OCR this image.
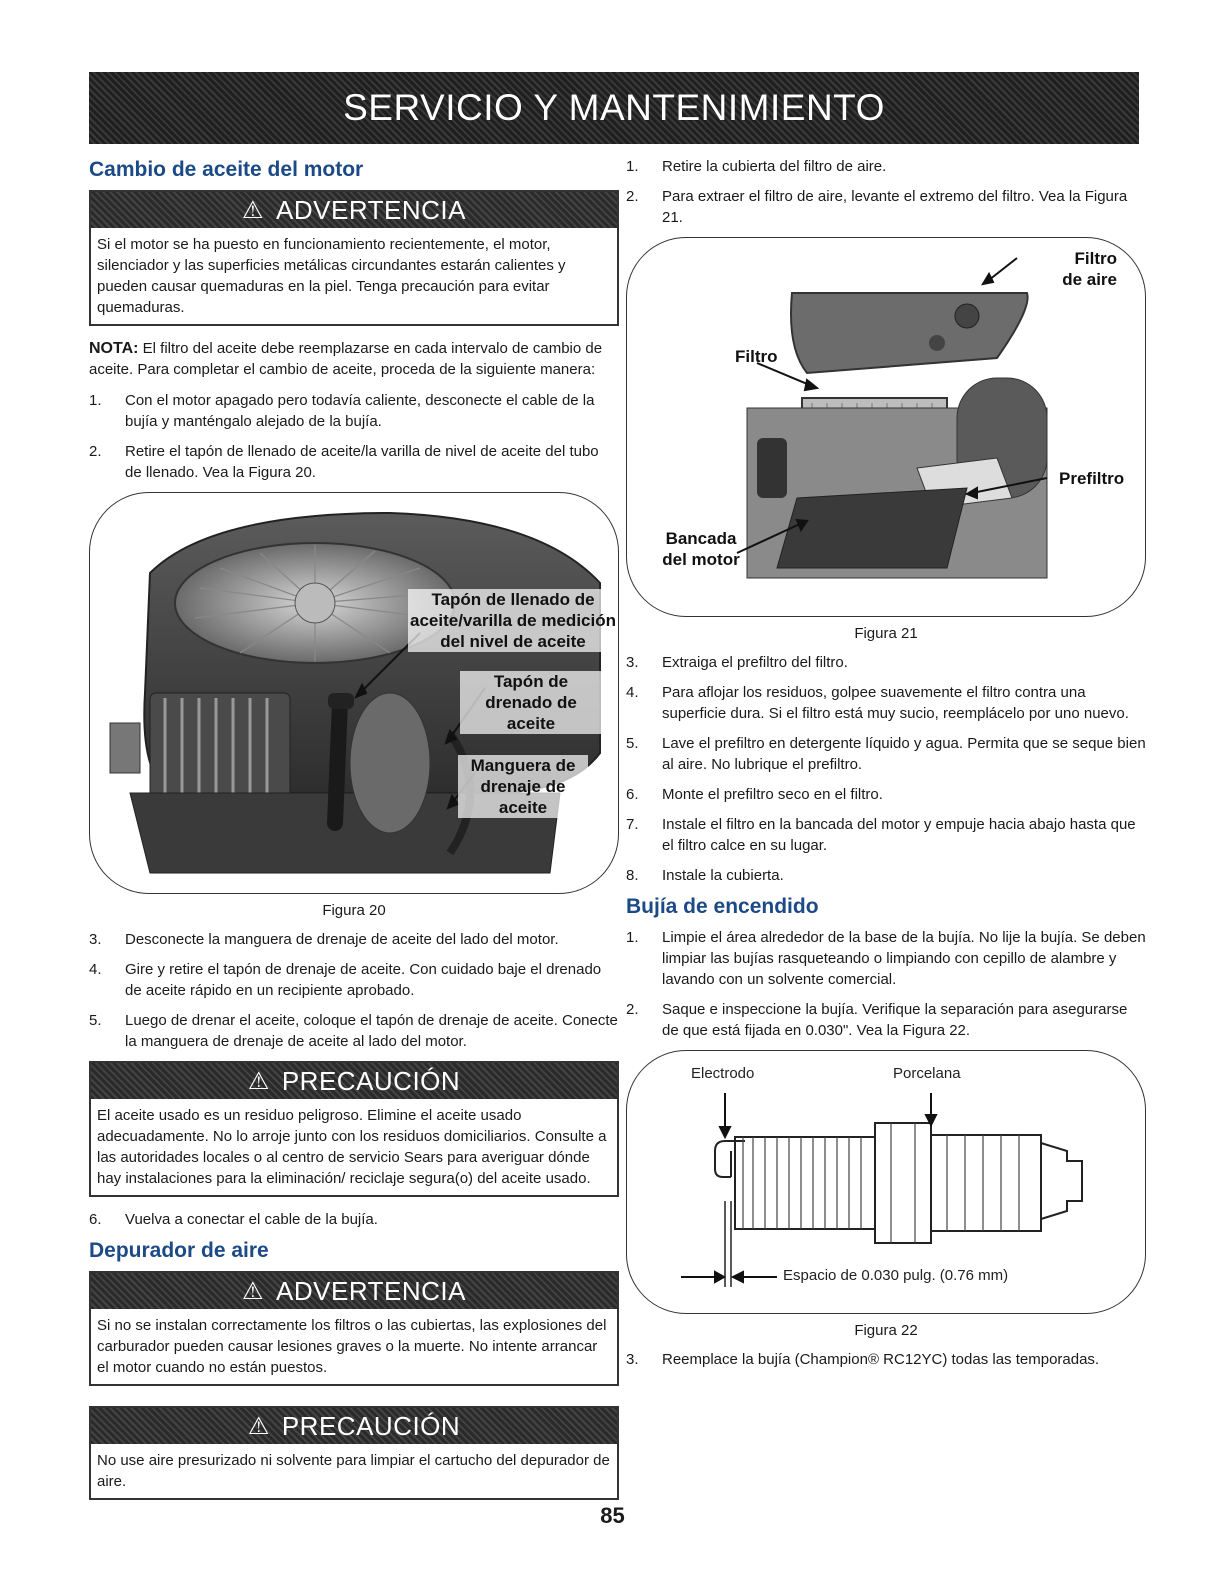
SERVICIO Y MANTENIMIENTO
Cambio de aceite del motor
⚠ ADVERTENCIA
Si el motor se ha puesto en funcionamiento recientemente, el motor, silenciador y las superficies metálicas circundantes estarán calientes y pueden causar quemaduras en la piel. Tenga precaución para evitar quemaduras.
NOTA: El filtro del aceite debe reemplazarse en cada intervalo de cambio de aceite. Para completar el cambio de aceite, proceda de la siguiente manera:
1.	Con el motor apagado pero todavía caliente, desconecte el cable de la bujía y manténgalo alejado de la bujía.
2.	Retire el tapón de llenado de aceite/la varilla de nivel de aceite del tubo de llenado. Vea la Figura 20.
Tapón de llenado de aceite/varilla de medición del nivel de aceite
Tapón de drenado de aceite
Manguera de drenaje de aceite
Figura 20
3.	Desconecte la manguera de drenaje de aceite del lado del motor.
4.	Gire y retire el tapón de drenaje de aceite. Con cuidado baje el drenado de aceite rápido en un recipiente aprobado.
5.	Luego de drenar el aceite, coloque el tapón de drenaje de aceite. Conecte la manguera de drenaje de aceite al lado del motor.
⚠ PRECAUCIÓN
El aceite usado es un residuo peligroso. Elimine el aceite usado adecuadamente. No lo arroje junto con los residuos domiciliarios. Consulte a las autoridades locales o al centro de servicio Sears para averiguar dónde hay instalaciones para la eliminación/ reciclaje segura(o) del aceite usado.
6.	Vuelva a conectar el cable de la bujía.
Depurador de aire
⚠ ADVERTENCIA
Si no se instalan correctamente los filtros o las cubiertas, las explosiones del carburador pueden causar lesiones graves o la muerte. No intente arrancar el motor cuando no están puestos.
⚠ PRECAUCIÓN
No use aire presurizado ni solvente para limpiar el cartucho del depurador de aire.
1.	Retire la cubierta del filtro de aire.
2.	Para extraer el filtro de aire, levante el extremo del filtro. Vea la Figura 21.
Filtro de aire
Filtro
Prefiltro
Bancada del motor
Figura 21
3.	Extraiga el prefiltro del filtro.
4.	Para aflojar los residuos, golpee suavemente el filtro contra una superficie dura. Si el filtro está muy sucio, reemplácelo por uno nuevo.
5.	Lave el prefiltro en detergente líquido y agua. Permita que se seque bien al aire. No lubrique el prefiltro.
6.	Monte el prefiltro seco en el filtro.
7.	Instale el filtro en la bancada del motor y empuje hacia abajo hasta que el filtro calce en su lugar.
8.	Instale la cubierta.
Bujía de encendido
1.	Limpie el área alrededor de la base de la bujía. No lije la bujía. Se deben limpiar las bujías rasqueteando o limpiando con cepillo de alambre y lavando con un solvente comercial.
2.	Saque e inspeccione la bujía. Verifique la separación para asegurarse de que está fijada en 0.030". Vea la Figura 22.
Electrodo	Porcelana
Espacio de 0.030 pulg. (0.76 mm)
Figura 22
3.	Reemplace la bujía (Champion® RC12YC) todas las temporadas.
85
